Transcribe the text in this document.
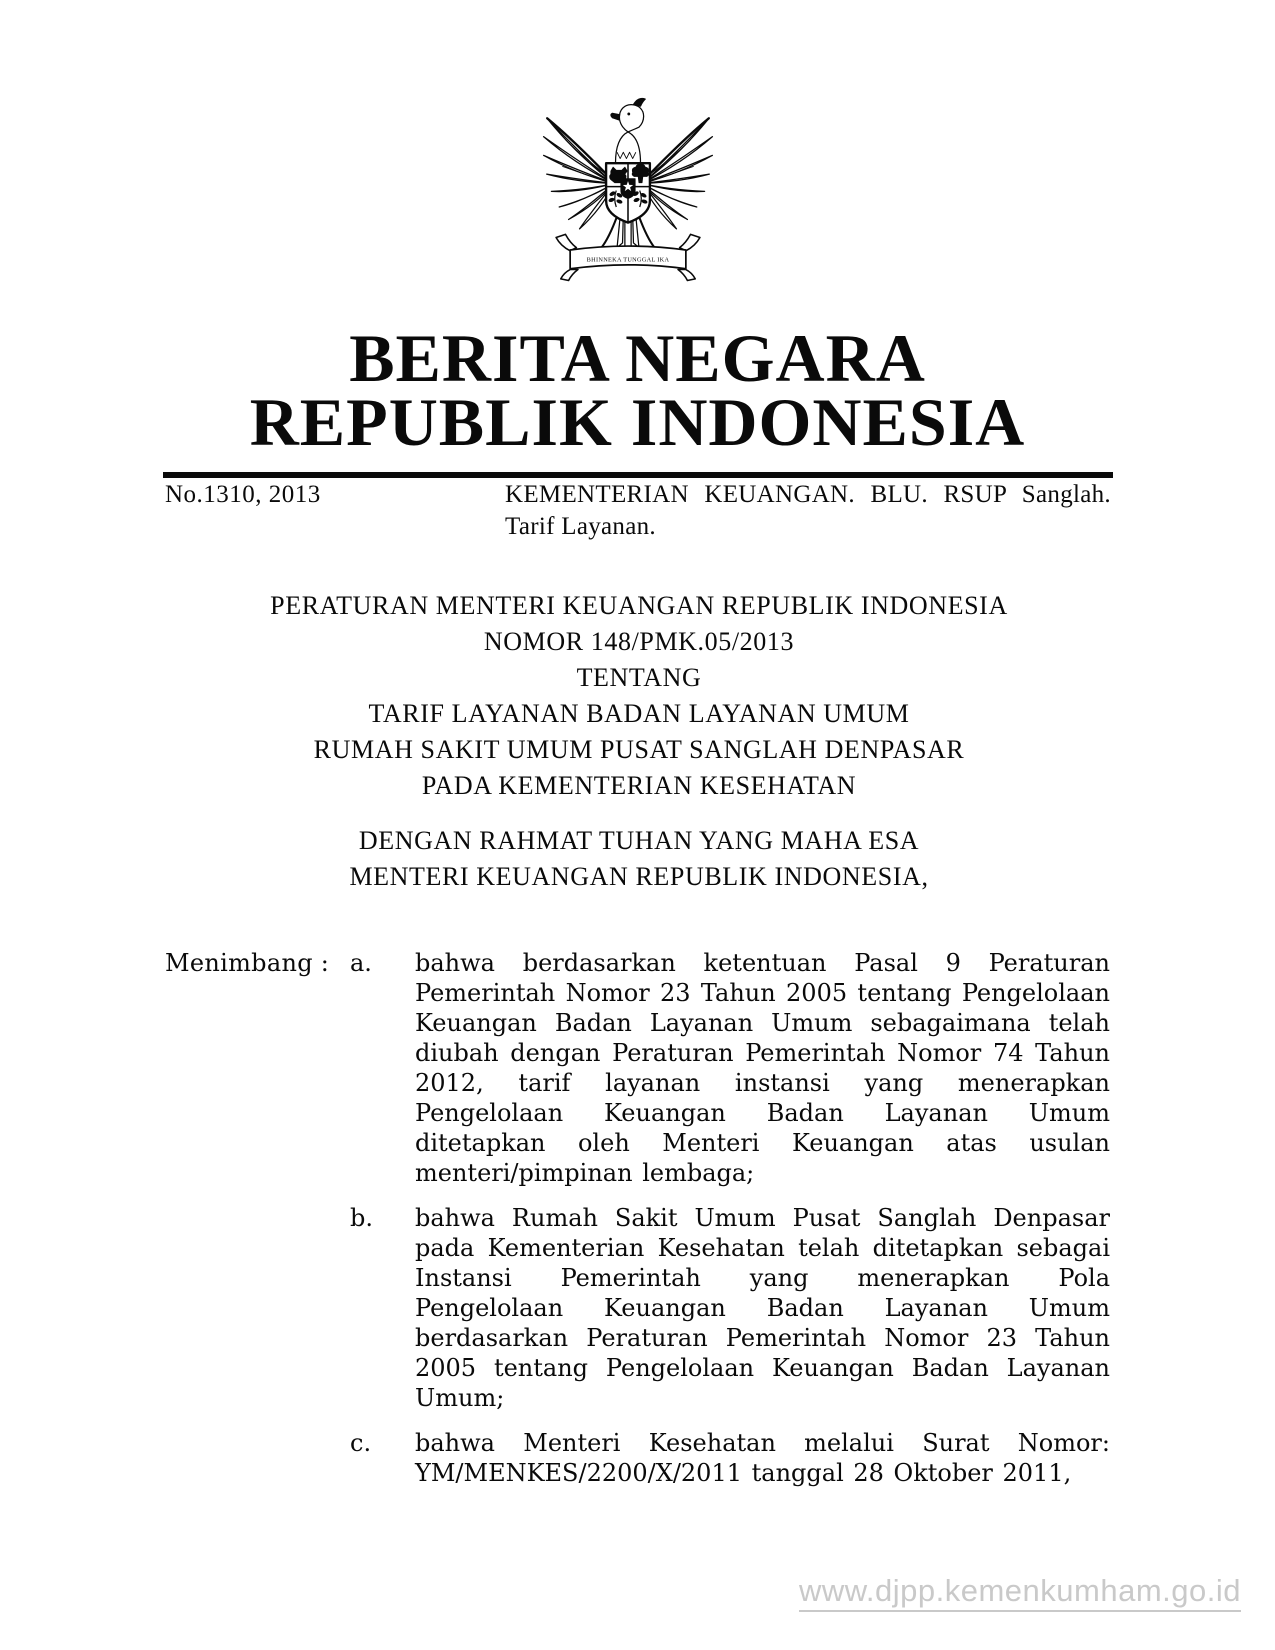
BHINNEKA TUNGGAL IKA
BERITA NEGARA
REPUBLIK INDONESIA
No.1310, 2013	KEMENTERIAN KEUANGAN. BLU. RSUP Sanglah. Tarif Layanan.
PERATURAN MENTERI KEUANGAN REPUBLIK INDONESIA
NOMOR 148/PMK.05/2013
TENTANG
TARIF LAYANAN BADAN LAYANAN UMUM
RUMAH SAKIT UMUM PUSAT SANGLAH DENPASAR
PADA KEMENTERIAN KESEHATAN
DENGAN RAHMAT TUHAN YANG MAHA ESA
MENTERI KEUANGAN REPUBLIK INDONESIA,
Menimbang : a. bahwa berdasarkan ketentuan Pasal 9 Peraturan Pemerintah Nomor 23 Tahun 2005 tentang Pengelolaan Keuangan Badan Layanan Umum sebagaimana telah diubah dengan Peraturan Pemerintah Nomor 74 Tahun 2012, tarif layanan instansi yang menerapkan Pengelolaan Keuangan Badan Layanan Umum ditetapkan oleh Menteri Keuangan atas usulan menteri/pimpinan lembaga;
b. bahwa Rumah Sakit Umum Pusat Sanglah Denpasar pada Kementerian Kesehatan telah ditetapkan sebagai Instansi Pemerintah yang menerapkan Pola Pengelolaan Keuangan Badan Layanan Umum berdasarkan Peraturan Pemerintah Nomor 23 Tahun 2005 tentang Pengelolaan Keuangan Badan Layanan Umum;
c. bahwa Menteri Kesehatan melalui Surat Nomor: YM/MENKES/2200/X/2011 tanggal 28 Oktober 2011,
www.djpp.kemenkumham.go.id
